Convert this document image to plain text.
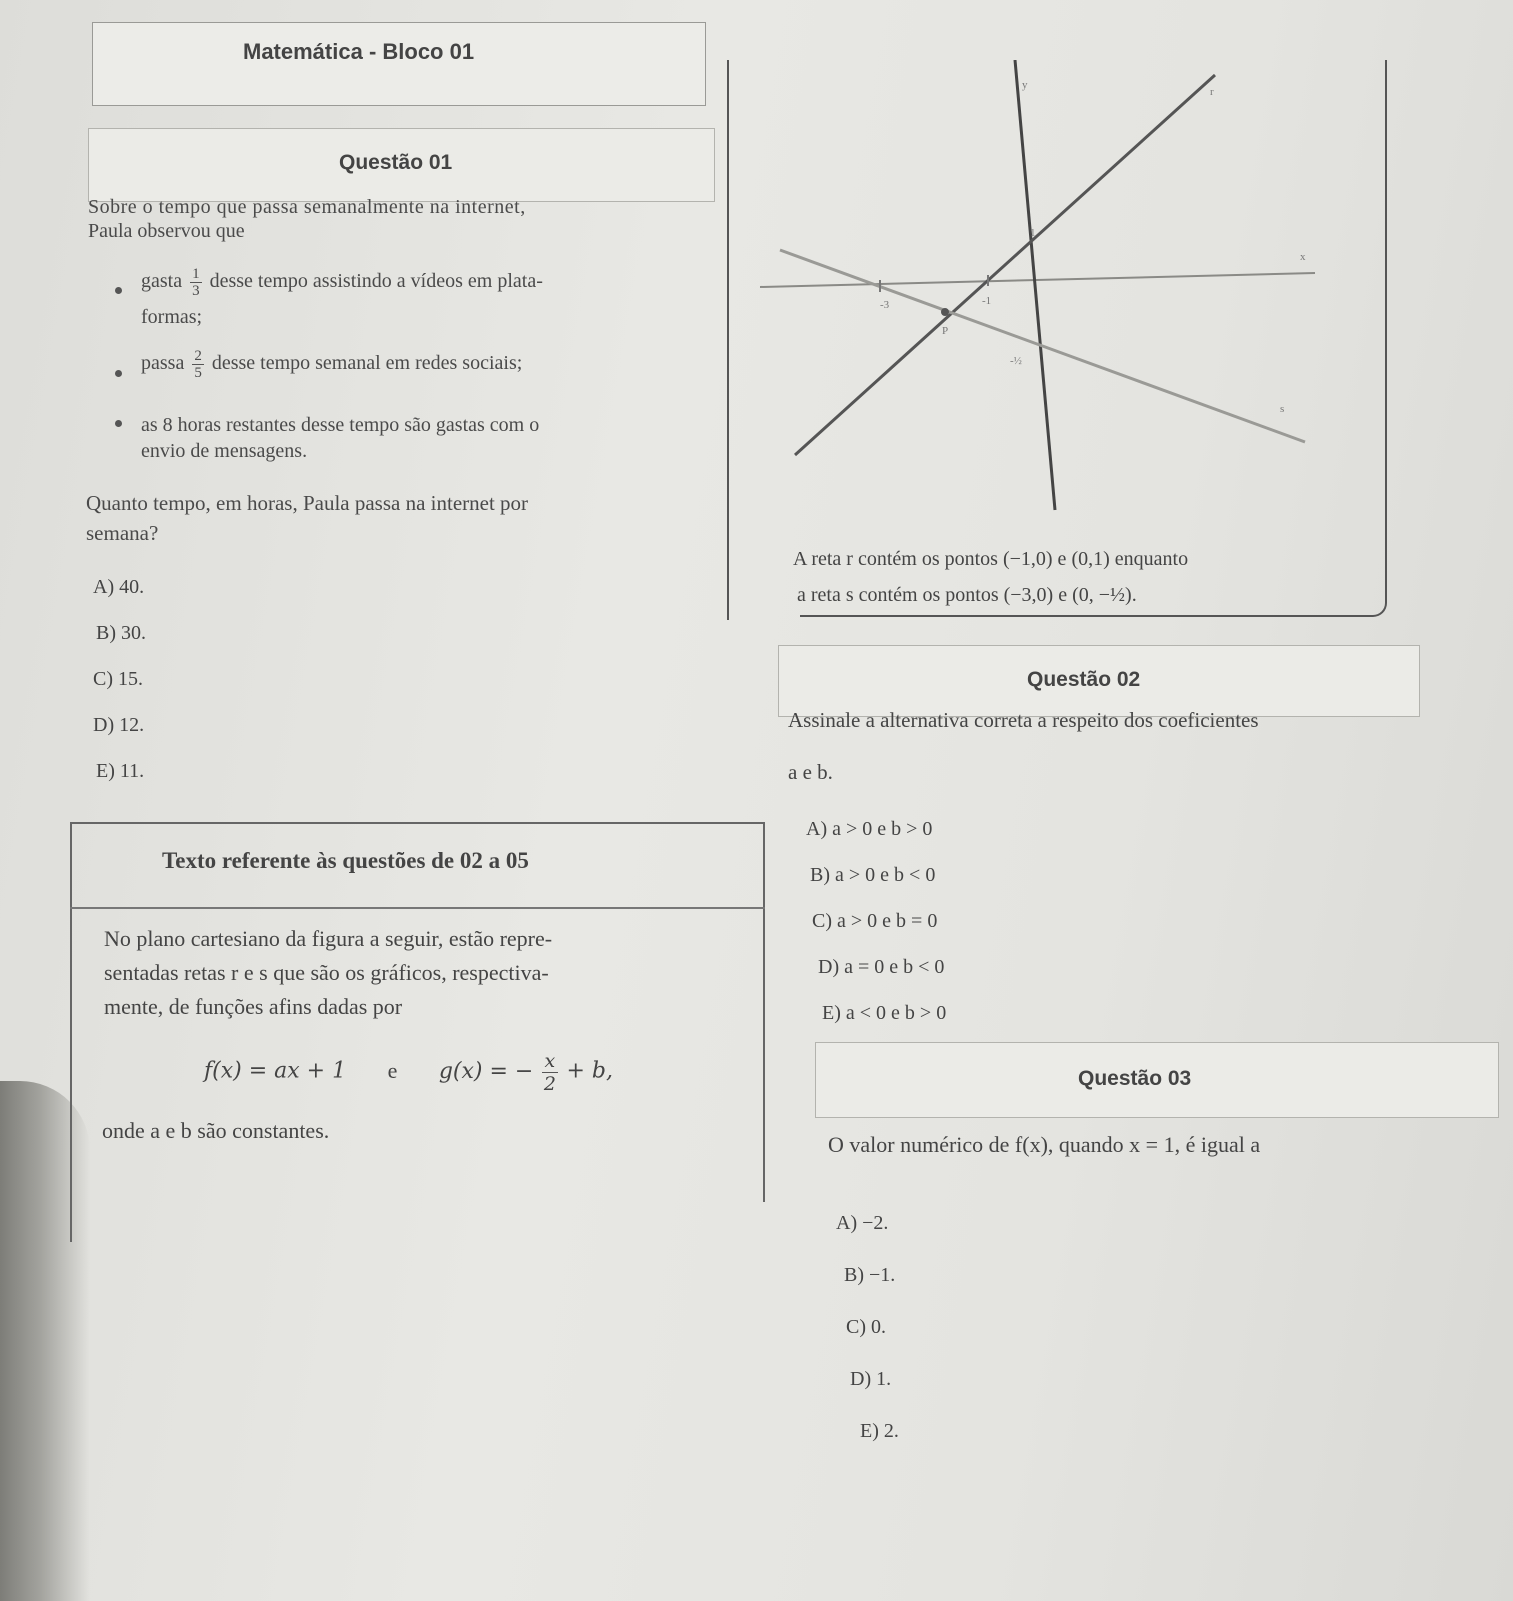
Matemática - Bloco 01
Questão 01
Sobre o tempo que passa semanalmente na internet,
Paula observou que
gasta $\frac{1}{3}$ desse tempo assistindo a vídeos em plata-
formas;
passa $\frac{2}{5}$ desse tempo semanal em redes sociais;
as 8 horas restantes desse tempo são gastas com o
envio de mensagens.
Quanto tempo, em horas, Paula passa na internet por
semana?
A) 40.
B) 30.
C) 15.
D) 12.
E) 11.
y
r
s
x
1
-3	-1
P
-½
A reta r contém os pontos (−1,0) e (0,1) enquanto
a reta s contém os pontos (−3,0) e (0, −½).
Questão 02
Assinale a alternativa correta a respeito dos coeficientes
a e b.
A) a > 0 e b > 0
B) a > 0 e b < 0
C) a > 0 e b = 0
D) a = 0 e b < 0
E) a < 0 e b > 0
Texto referente às questões de 02 a 05
No plano cartesiano da figura a seguir, estão repre-
sentadas retas r e s que são os gráficos, respectiva-
mente, de funções afins dadas por
f(x) = ax + 1 e g(x) = − $\frac{x}{2} + b$,
onde a e b são constantes.
Questão 03
O valor numérico de f(x), quando x = 1, é igual a
A) −2.
B) −1.
C) 0.
D) 1.
E) 2.
